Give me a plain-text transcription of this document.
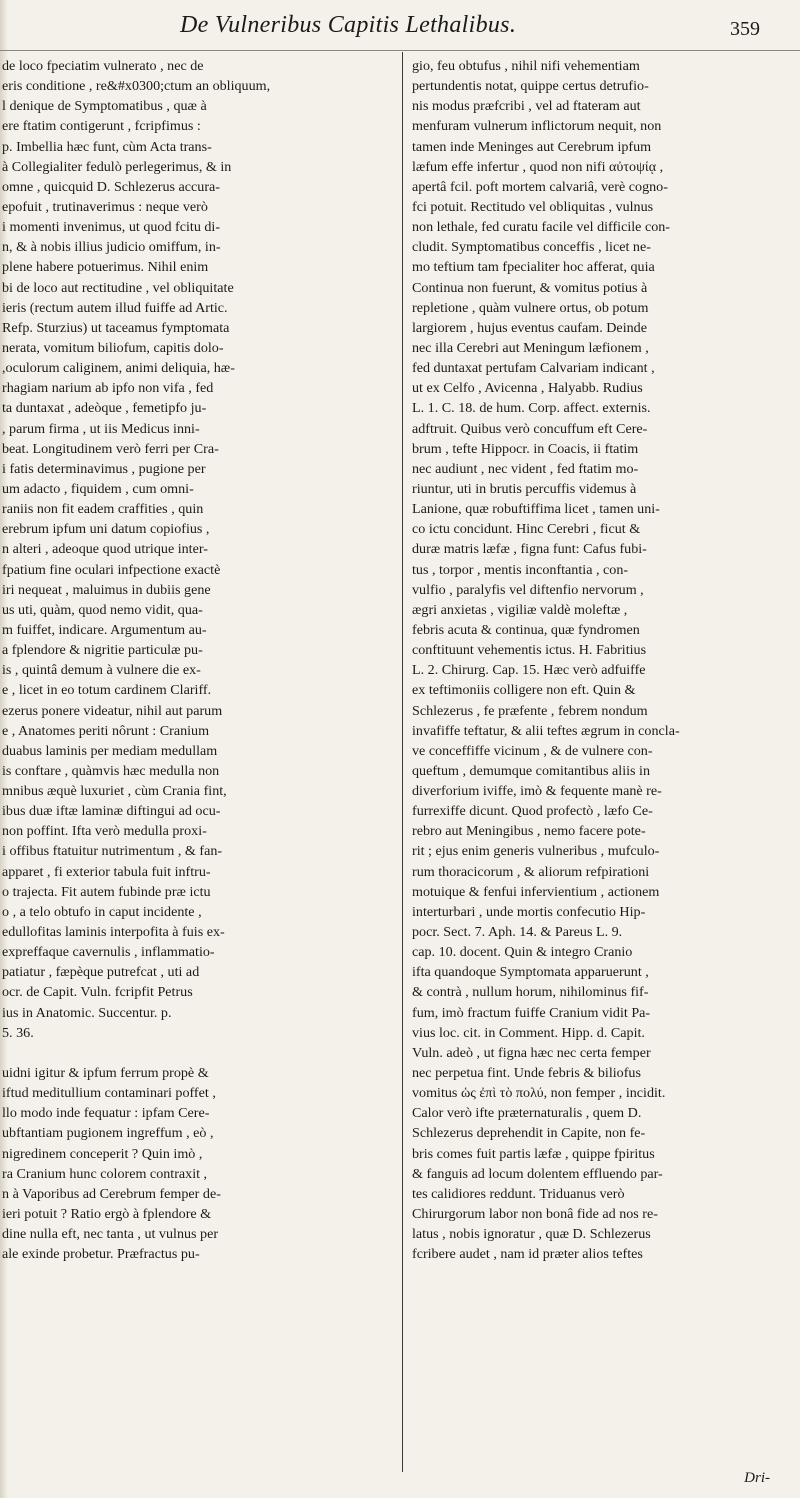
De Vulneribus Capitis Lethalibus.	359
de loco fpeciatim vulnerato , nec de
eris conditione , re&#x0300;ctum an obliquum,
l denique de Symptomatibus , quæ à
ere ftatim contigerunt , fcripfimus :
p. Imbellia hæc funt, cùm Acta trans-
à Collegialiter fedulò perlegerimus, & in
omne , quicquid D. Schlezerus accura-
epofuit , trutinaverimus : neque verò
i momenti invenimus, ut quod fcitu di-
n, & à nobis illius judicio omiffum, in-
plene habere potuerimus. Nihil enim
bi de loco aut rectitudine , vel obliquitate
ieris (rectum autem illud fuiffe ad Artic.
Refp. Sturzius) ut taceamus fymptomata
nerata, vomitum biliofum, capitis dolo-
,oculorum caliginem, animi deliquia, hæ-
rhagiam narium ab ipfo non vifa , fed
ta duntaxat , adeòque , femetipfo ju-
, parum firma , ut iis Medicus inni-
beat. Longitudinem verò ferri per Cra-
i fatis determinavimus , pugione per
um adacto , fiquidem , cum omni-
raniis non fit eadem craffities , quin
erebrum ipfum uni datum copiofius ,
n alteri , adeoque quod utrique inter-
fpatium fine oculari infpectione exactè
iri nequeat , maluimus in dubiis gene
us uti, quàm, quod nemo vidit, qua-
m fuiffet, indicare. Argumentum au-
a fplendore & nigritie particulæ pu-
is , quintâ demum à vulnere die ex-
e , licet in eo totum cardinem Clariff.
ezerus ponere videatur, nihil aut parum
e , Anatomes periti nôrunt : Cranium
duabus laminis per mediam medullam
is conftare , quàmvis hæc medulla non
mnibus æquè luxuriet , cùm Crania fint,
ibus duæ iftæ laminæ diftingui ad ocu-
non poffint. Ifta verò medulla proxi-
i offibus ftatuitur nutrimentum , & fan-
apparet , fi exterior tabula fuit inftru-
o trajecta. Fit autem fubinde præ ictu
o , a telo obtufo in caput incidente ,
edullofitas laminis interpofita à fuis ex-
expreffaque cavernulis , inflammatio-
patiatur , fæpèque putrefcat , uti ad
ocr. de Capit. Vuln. fcripfit Petrus
ius in Anatomic. Succentur. p.
5. 36.
uidni igitur & ipfum ferrum propè &
iftud meditullium contaminari poffet ,
llo modo inde fequatur : ipfam Cere-
ubftantiam pugionem ingreffum , eò ,
nigredinem conceperit ? Quin imò ,
ra Cranium hunc colorem contraxit ,
n à Vaporibus ad Cerebrum femper de-
ieri potuit ? Ratio ergò à fplendore &
dine nulla eft, nec tanta , ut vulnus per
ale exinde probetur. Præfractus pu-
gio, feu obtufus , nihil nifi vehementiam
pertundentis notat, quippe certus detrufio-
nis modus præfcribi , vel ad ftateram aut
menfuram vulnerum inflictorum nequit, non
tamen inde Meninges aut Cerebrum ipfum
læfum effe infertur , quod non nifi αὐτοψίᾳ ,
apertâ fcil. poft mortem calvariâ, verè cogno-
fci potuit. Rectitudo vel obliquitas , vulnus
non lethale, fed curatu facile vel difficile con-
cludit. Symptomatibus conceffis , licet ne-
mo teftium tam fpecialiter hoc afferat, quia
Continua non fuerunt, & vomitus potius à
repletione , quàm vulnere ortus, ob potum
largiorem , hujus eventus caufam. Deinde
nec illa Cerebri aut Meningum læfionem ,
fed duntaxat pertufam Calvariam indicant ,
ut ex Celfo , Avicenna , Halyabb. Rudius
L. 1. C. 18. de hum. Corp. affect. externis.
adftruit. Quibus verò concuffum eft Cere-
brum , tefte Hippocr. in Coacis, ii ftatim
nec audiunt , nec vident , fed ftatim mo-
riuntur, uti in brutis percuffis videmus à
Lanione, quæ robuftiffima licet , tamen uni-
co ictu concidunt. Hinc Cerebri , ficut &
duræ matris læfæ , figna funt: Cafus fubi-
tus , torpor , mentis inconftantia , con-
vulfio , paralyfis vel diftenfio nervorum ,
ægri anxietas , vigiliæ valdè moleftæ ,
febris acuta & continua, quæ fyndromen
conftituunt vehementis ictus. H. Fabritius
L. 2. Chirurg. Cap. 15. Hæc verò adfuiffe
ex teftimoniis colligere non eft. Quin &
Schlezerus , fe præfente , febrem nondum
invafiffe teftatur, & alii teftes ægrum in concla-
ve conceffiffe vicinum , & de vulnere con-
queftum , demumque comitantibus aliis in
diverforium iviffe, imò & fequente manè re-
furrexiffe dicunt. Quod profectò , læfo Ce-
rebro aut Meningibus , nemo facere pote-
rit ; ejus enim generis vulneribus , mufculo-
rum thoracicorum , & aliorum refpirationi
motuique & fenfui infervientium , actionem
interturbari , unde mortis confecutio Hip-
pocr. Sect. 7. Aph. 14. & Pareus L. 9.
cap. 10. docent. Quin & integro Cranio
ifta quandoque Symptomata apparuerunt ,
& contrà , nullum horum, nihilominus fif-
fum, imò fractum fuiffe Cranium vidit Pa-
vius loc. cit. in Comment. Hipp. d. Capit.
Vuln. adeò , ut figna hæc nec certa femper
nec perpetua fint. Unde febris & biliofus
vomitus ὡς ἐπὶ τὸ πολύ, non femper , incidit.
Calor verò ifte præternaturalis , quem D.
Schlezerus deprehendit in Capite, non fe-
bris comes fuit partis læfæ , quippe fpiritus
& fanguis ad locum dolentem effluendo par-
tes calidiores reddunt. Triduanus verò
Chirurgorum labor non bonâ fide ad nos re-
latus , nobis ignoratur , quæ D. Schlezerus
fcribere audet , nam id præter alios teftes
Dri-
